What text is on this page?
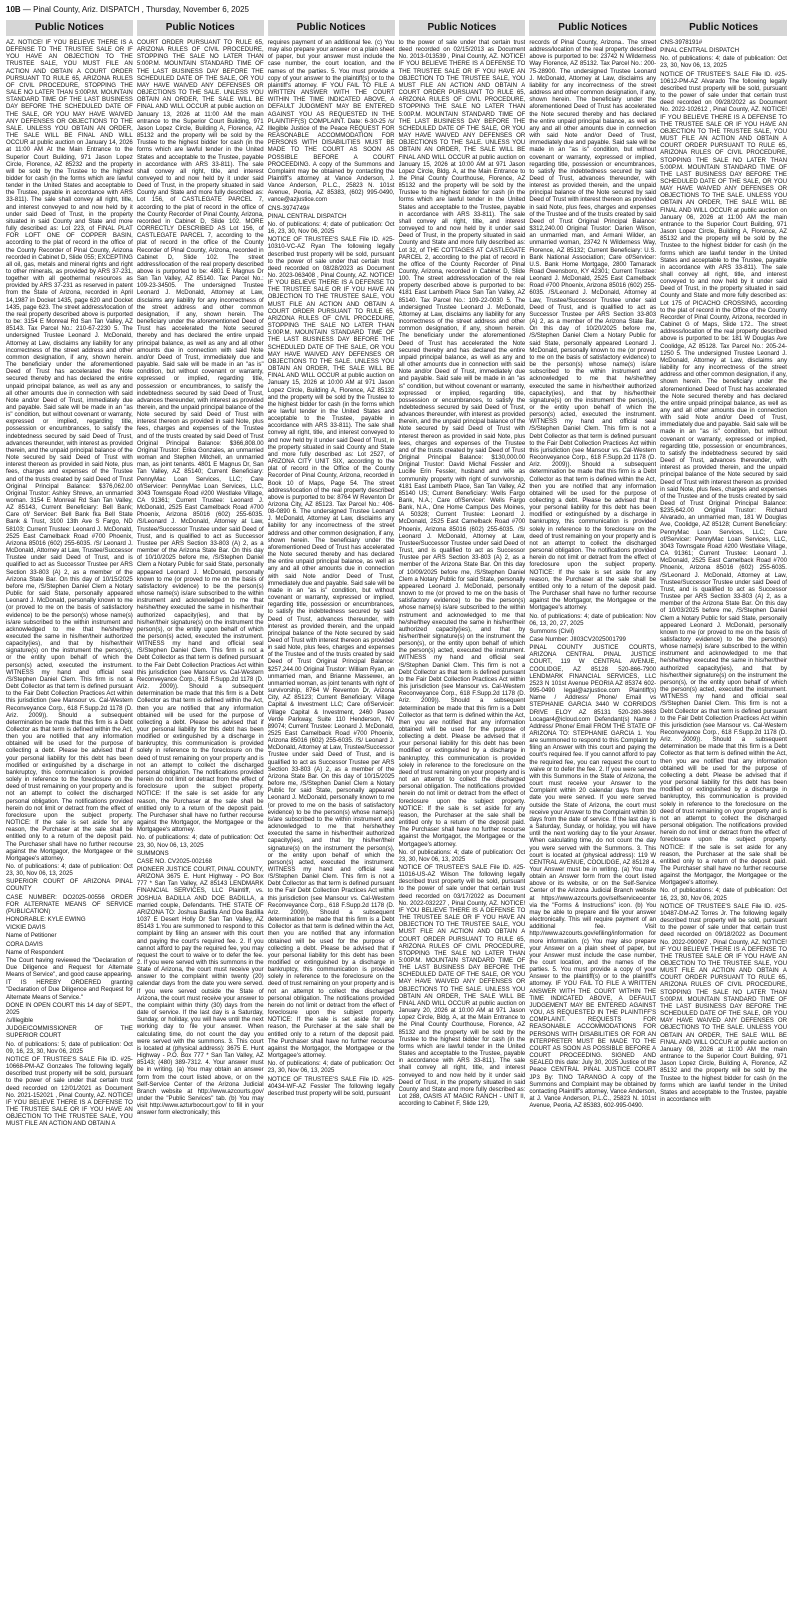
10B — Pinal County, Ariz. DISPATCH , Thursday, November 6, 2025
Public Notices

AZ. NOTICE! IF YOU BELIEVE THERE IS A DEFENSE TO THE TRUSTEE SALE OR IF YOU HAVE AN OBJECTION TO THE TRUSTEE SALE, YOU MUST FILE AN ACTION AND OBTAIN A COURT ORDER PURSUANT TO RULE 65, ARIZONA RULES OF CIVIL PROCEDURE, STOPPING THE SALE NO LATER THAN 5:00P.M. MOUNTAIN STANDARD TIME OF THE LAST BUSINESS DAY BEFORE THE SCHEDULED DATE OF THE SALE, OR YOU MAY HAVE WAIVED ANY DEFENSES OR OBJECTIONS TO THE SALE. UNLESS YOU OBTAIN AN ORDER, THE SALE WILL BE FINAL AND WILL OCCUR at public auction on January 14, 2026 at 11:00 AM At the Main Entrance to the Superior Court Building, 971 Jason Lopez Circle, Florence, AZ 85232 and the property will be sold by the Trustee to the highest bidder for cash (in the forms which are lawful tender in the United States and acceptable to the Trustee, payable in accordance with ARS 33-811). The sale shall convey all right, title, and interest conveyed to and now held by it under said Deed of Trust, in the property situated in said County and State and more fully described as: Lot 223, of FINAL PLAT FOR LOFT ONE OF COPPER BASIN, according to the plat of record in the office of the County Recorder of Pinal County, Arizona recorded in Cabinet D, Slide 055; EXCEPTING all oil, gas, metals and mineral rights and right to other minerals, as provided by ARS 37-231, together with all geothermal resources as provided by ARS 37-231 as reserved in patent from the State of Arizona, recorded in April 14,1987 in Docket 1435, page 620 and Docket 1435, page 623. The street address/location of the real property described above is purported to be: 3154 E Monreal Rd San Tan Valley, AZ 85143. Tax Parcel No.: 210-67-2230 5. The undersigned Trustee Leonard J. McDonald, Attorney at Law, disclaims any liability for any incorrectness of the street address and other common designation, if any, shown herein. The beneficiary under the aforementioned Deed of Trust has accelerated the Note secured thereby and has declared the entire unpaid principal balance, as well as any and all other amounts due in connection with said Note and/or Deed of Trust, immediately due and payable. Said sale will be made in an "as is" condition, but without covenant or warranty, expressed or implied, regarding title, possession or encumbrances, to satisfy the indebtedness secured by said Deed of Trust, advances thereunder, with interest as provided therein, and the unpaid principal balance of the Note secured by said Deed of Trust with interest thereon as provided in said Note, plus fees, charges and expenses of the Trustee and of the trusts created by said Deed of Trust Original Principal Balance: $376,062.00 Original Trustor: Ashley Shreve, an unmarried woman. 3154 E Monreal Rd San Tan Valley, AZ 85143, Current Beneficiary: Bell Bank; Care of/ Servicer: Bell Bank fka Bell State Bank & Trust, 3100 13th Ave S Fargo, ND 58103; Current Trustee: Leonard J. McDonald, 2525 East Camelback Road #700 Phoenix, Arizona 85016 (602) 255-6035. /S/ Leonard J. McDonald, Attorney at Law, Trustee/Successor Trustee under said Deed of Trust, and is qualified to act as Successor Trustee per ARS Section 33-803 (A) 2, as a member of the Arizona State Bar. On this day of 10/15/2025 before me, /S/Stephen Daniel Clem a Notary Public for said State, personally appeared Leonard J. McDonald, personally known to me (or proved to me on the basis of satisfactory evidence) to be the person(s) whose name(s) is/are subscribed to the within instrument and acknowledged to me that he/she/they executed the same in his/her/their authorized capacity(ies), and that by his/her/their signature(s) on the instrument the person(s), or the entity upon behalf of which the person(s) acted, executed the instrument. WITNESS my hand and official seal /S/Stephen Daniel Clem. This firm is not a Debt Collector as that term is defined pursuant to the Fair Debt Collection Practices Act within this jurisdiction (see Mansour vs. Cal-Western Reconveyance Corp., 618 F.Supp.2d 1178 (D. Ariz. 2009)). Should a subsequent determination be made that this firm is a Debt Collector as that term is defined within the Act, then you are notified that any information obtained will be used for the purpose of collecting a debt. Please be advised that if your personal liability for this debt has been modified or extinguished by a discharge in bankruptcy, this communication is provided solely in reference to the foreclosure on the deed of trust remaining on your property and is not an attempt to collect the discharged personal obligation. The notifications provided herein do not limit or detract from the effect of foreclosure upon the subject property. NOTICE: If the sale is set aside for any reason, the Purchaser at the sale shall be entitled only to a return of the deposit paid. The Purchaser shall have no further recourse against the Mortgagor, the Mortgagee or the Mortgagee's attorney.

No. of publications: 4; date of publication: Oct 23, 30, Nov 06, 13, 2025

SUPERIOR COURT OF ARIZONA PINAL COUNTY

CASE NUMBER: DO2025-00556 ORDER FOR ALTERNATE MEANS OF SERVICE (PUBLICATION)

HONORABLE: KYLE EWING

VICKIE DAVIS

Name of Petitioner

CORA DAVIS

Name of Respondent

The Court having reviewed the "Declaration of Due Diligence and Request for Alternate Means of Service", and good cause appearing,

IT IS HEREBY ORDERED granting "Declaration of Due Diligence and Request for Alternate Means of Service."

DONE IN OPEN COURT this 14 day of SEPT., 2025

/s/Illegible

JUDGE/COMMISSIONER OF THE SUPERIOR COURT

No. of publications: 5; date of publication: Oct 09, 16, 23, 30, Nov 06, 2025

NOTICE OF TRUSTEE'S SALE File ID. #25-10668-PM-AZ Gonzales The following legally described trust property will be sold, pursuant to the power of sale under that certain trust deed recorded on 12/01/2021 as Document No. 2021-152021 , Pinal County, AZ. NOTICE! IF YOU BELIEVE THERE IS A DEFENSE TO THE TRUSTEE SALE OR IF YOU HAVE AN OBJECTION TO THE TRUSTEE SALE, YOU MUST FILE AN ACTION AND OBTAIN A

Public Notices

COURT ORDER PURSUANT TO RULE 65, ARIZONA RULES OF CIVIL PROCEDURE, STOPPING THE SALE NO LATER THAN 5:00P.M. MOUNTAIN STANDARD TIME OF THE LAST BUSINESS DAY BEFORE THE SCHEDULED DATE OF THE SALE, OR YOU MAY HAVE WAIVED ANY DEFENSES OR OBJECTIONS TO THE SALE. UNLESS YOU OBTAIN AN ORDER, THE SALE WILL BE FINAL AND WILL OCCUR at public auction on January 13, 2026 at 11:00 AM the main entrance to the Superior Court Building, 971 Jason Lopez Circle, Building A, Florence, AZ 85132 and the property will be sold by the Trustee to the highest bidder for cash (in the forms which are lawful tender in the United States and acceptable to the Trustee, payable in accordance with ARS 33-811). The sale shall convey all right, title, and interest conveyed to and now held by it under said Deed of Trust, in the property situated in said County and State and more fully described as: Lot 156, of CASTLEGATE PARCEL 7, according to the plat of record in the office of the County Recorder of Pinal County, Arizona, recorded in Cabinet D, Slide 102. MORE CORRECTLY DESCRIBED AS Lot 156, of CASTLEGATE PARCEL 7, according to the plat of record in the office of the County Recorder of Pinal County, Arizona, recorded in Cabinet D, Slide 102. The street address/location of the real property described above is purported to be: 4801 E Magnus Dr San Tan Valley, AZ 85140. Tax Parcel No.: 109-23-34505. The undersigned Trustee Leonard J. McDonald, Attorney at Law, disclaims any liability for any incorrectness of the street address and other common designation, if any, shown herein. The beneficiary under the aforementioned Deed of Trust has accelerated the Note secured thereby and has declared the entire unpaid principal balance, as well as any and all other amounts due in connection with said Note and/or Deed of Trust, immediately due and payable. Said sale will be made in an "as is" condition, but without covenant or warranty, expressed or implied, regarding title, possession or encumbrances, to satisfy the indebtedness secured by said Deed of Trust, advances thereunder, with interest as provided therein, and the unpaid principal balance of the Note secured by said Deed of Trust with interest thereon as provided in said Note, plus fees, charges and expenses of the Trustee and of the trusts created by said Deed of Trust Original Principal Balance: $366,808.00 Original Trustor: Erika Gonzales, an unmarried woman and Stephen Mitchell, an unmarried man, as joint tenants. 4801 E Magnus Dr, San Tan Valley, AZ 85140; Current Beneficiary: PennyMac Loan Services, LLC; Care of/Servicer: PennyMac Loan Services, LLC, 3043 Townsgate Road #200 Westlake Village, CA 91361; Current Trustee: Leonard J. McDonald, 2525 East Camelback Road #700 Phoenix, Arizona 85016 (602) 255-6035. /S/Leonard J. McDonald, Attorney at Law, Trustee/Successor Trustee under said Deed of Trust, and is qualified to act as Successor Trustee per ARS Section 33-803 (A) 2, as a member of the Arizona State Bar. On this day of 10/10/2025 before me, /S/Stephen Daniel Clem a Notary Public for said State, personally appeared Leonard J. McDonald, personally known to me (or proved to me on the basis of satisfactory evidence) to be the person(s) whose name(s) is/are subscribed to the within instrument and acknowledged to me that he/she/they executed the same in his/her/their authorized capacity(ies), and that by his/her/their signature(s) on the instrument the person(s), or the entity upon behalf of which the person(s) acted, executed the instrument. WITNESS my hand and official seal /S/Stephen Daniel Clem. This firm is not a Debt Collector as that term is defined pursuant to the Fair Debt Collection Practices Act within this jurisdiction (see Mansour vs. Cal-Western Reconveyance Corp., 618 F.Supp.2d 1178 (D. Ariz. 2009)). Should a subsequent determination be made that this firm is a Debt Collector as that term is defined within the Act, then you are notified that any information obtained will be used for the purpose of collecting a debt. Please be advised that if your personal liability for this debt has been modified or extinguished by a discharge in bankruptcy, this communication is provided solely in reference to the foreclosure on the deed of trust remaining on your property and is not an attempt to collect the discharged personal obligation. The notifications provided herein do not limit or detract from the effect of foreclosure upon the subject property. NOTICE: If the sale is set aside for any reason, the Purchaser at the sale shall be entitled only to a return of the deposit paid. The Purchaser shall have no further recourse against the Mortgagor, the Mortgagee or the Mortgagee's attorney.

No. of publications: 4; date of publication: Oct 23, 30, Nov 06, 13, 2025

SUMMONS

CASE NO. CV2025-002168

PIONEER JUSTICE COURT, PINAL COUNTY, ARIZONA 3675 E. Hunt Highway - PO Box 777 * San Tan Valley, AZ 85143 LENDMARK FINANCIAL SERVICES, LLC Plaintiff, vs. JOSHUA BADILLA AND DOE BADILLA, a married couple, Defendants. THE STATE OF ARIZONA TO: Joshua Badilla And Doe Badilla 1037 E Desert Holly Dr San Tan Valley, AZ 85143 1.You are summoned to respond to this complaint by filing an answer with this court and paying the court's required fee. 2. If you cannot afford to pay the required fee, you may request the court to waive or to defer the fee. 2. If you were served with this summons in the State of Arizona, the court must receive your answer to the complaint within twenty (20) calendar days from the date you were served. If you were served outside the State of Arizona, the court must receive your answer to the complaint within thirty (30) days from the date of service. If the last day is a Saturday, Sunday, or holiday, you will have until the next working day to file your answer. When calculating time, do not count the day you were served with the summons. 3. This court is located at (physical address): 3675 E. Hunt Highway - P.O. Box 777 * San Tan Valley, AZ 85143; (480) 389-7312. 4. Your answer must be in writing. (a) You may obtain an answer form from the court listed above, or on the Self-Service Center of the Arizona Judicial Branch website at http://www.azcourts.gov/ under the "Public Services" tab. (b) You may visit http://www.azturbocourt.gov/ to fill in your answer form electronically; this

Public Notices

requires payment of an additional fee. (c) You may also prepare your answer on a plain sheet of paper, but your answer must include the case number, the court location, and the names of the parties. 5. You must provide a copy of your answer to the plaintiff(s) or to the plaintiff's attorney. IF YOU FAIL TO FILE A WRITTEN ANSWER WITH THE COURT WITHIN THE TIME INDICATED ABOVE, A DEFAULT JUDGMENT MAY BE ENTERED AGAINST YOU AS REQUESTED IN THE PLAINTIFF(S) COMPLAINT. Date: 6-30-25 /s/ Illegible Justice of the Peace REQUEST FOR REASONABLE ACCOMMODATION FOR PERSONS WITH DISABILITIES MUST BE MADE TO THE COURT AS SOON AS POSSIBLE BEFORE A COURT PROCEEDING. A copy of the Summons and Complaint may be obtained by contacting the Plaintiff's attorney at Vance Anderson, J. Vance Anderson, P.L.C., 25823 N. 101st Avenue, Peoria, AZ 85383, (602) 995-0490, vance@azjustice.com

CNS-3974749#

PINAL CENTRAL DISPATCH

No. of publications: 4; date of publication: Oct 16, 23, 30, Nov 06, 2025

NOTICE OF TRUSTEE'S SALE File ID. #25-10310-VC-AZ Ryan The following legally described trust property will be sold, pursuant to the power of sale under that certain trust deed recorded on 08/28/2023 as Document No. 2023-063408 , Pinal County, AZ. NOTICE! IF YOU BELIEVE THERE IS A DEFENSE TO THE TRUSTEE SALE OR IF YOU HAVE AN OBJECTION TO THE TRUSTEE SALE, YOU MUST FILE AN ACTION AND OBTAIN A COURT ORDER PURSUANT TO RULE 65, ARIZONA RULES OF CIVIL PROCEDURE, STOPPING THE SALE NO LATER THAN 5:00P.M. MOUNTAIN STANDARD TIME OF THE LAST BUSINESS DAY BEFORE THE SCHEDULED DATE OF THE SALE, OR YOU MAY HAVE WAIVED ANY DEFENSES OR OBJECTIONS TO THE SALE. UNLESS YOU OBTAIN AN ORDER, THE SALE WILL BE FINAL AND WILL OCCUR at public auction on January 15, 2026 at 10:00 AM at 971 Jason Lopez Circle, Building A, Florence, AZ 85132 and the property will be sold by the Trustee to the highest bidder for cash (in the forms which are lawful tender in the United States and acceptable to the Trustee, payable in accordance with ARS 33-811). The sale shall convey all right, title, and interest conveyed to and now held by it under said Deed of Trust, in the property situated in said County and State and more fully described as: Lot 2527, of ARIZONA CITY UNIT SIX, according to the plat of record in the Office of the County Recorder of Pinal County, Arizona, recorded in Book 10 of Maps, Page 54. The street address/location of the real property described above is purported to be: 8764 W Reventon Dr Arizona City, AZ 85123. Tax Parcel No.: 406-08-0890 6. The undersigned Trustee Leonard J. McDonald, Attorney at Law, disclaims any liability for any incorrectness of the street address and other common designation, if any, shown herein. The beneficiary under the aforementioned Deed of Trust has accelerated the Note secured thereby and has declared the entire unpaid principal balance, as well as any and all other amounts due in connection with said Note and/or Deed of Trust, immediately due and payable. Said sale will be made in an "as is" condition, but without covenant or warranty, expressed or implied, regarding title, possession or encumbrances, to satisfy the indebtedness secured by said Deed of Trust, advances thereunder, with interest as provided therein, and the unpaid principal balance of the Note secured by said Deed of Trust with interest thereon as provided in said Note, plus fees, charges and expenses of the Trustee and of the trusts created by said Deed of Trust Original Principal Balance: $257,244.00 Original Trustor: William Ryan, an unmarried man, and Brianne Masseweı, an unmarried woman, as joint tenants with right of survivorship, 8764 W Reventon Dr, Arizona City, AZ 85123; Current Beneficiary: Village Capital & Investment LLC; Care of/Servicer: Village Capital & Investment, 2460 Paseo Verde Parkway, Suite 110 Henderson, NV 89074; Current Trustee: Leonard J. McDonald, 2525 East Camelback Road #700 Phoenix, Arizona 85016 (602) 255-6035. /S/ Leonard J. McDonald, Attorney at Law, Trustee/Successor Trustee under said Deed of Trust, and is qualified to act as Successor Trustee per ARS Section 33-803 (A) 2, as a member of the Arizona State Bar. On this day of 10/15/2025 before me, /S/Stephen Daniel Clem a Notary Public for said State, personally appeared Leonard J. McDonald, personally known to me (or proved to me on the basis of satisfactory evidence) to be the person(s) whose name(s) is/are subscribed to the within instrument and acknowledged to me that he/she/they executed the same in his/her/their authorized capacity(ies), and that by his/her/their signature(s) on the instrument the person(s), or the entity upon behalf of which the person(s) acted, executed the instrument. WITNESS my hand and official seal /S/Stephen Daniel Clem. This firm is not a Debt Collector as that term is defined pursuant to the Fair Debt Collection Practices Act within this jurisdiction (see Mansour vs. Cal-Western Reconveyance Corp., 618 F.Supp.2d 1178 (D. Ariz. 2009)). Should a subsequent determination be made that this firm is a Debt Collector as that term is defined within the Act, then you are notified that any information obtained will be used for the purpose of collecting a debt. Please be advised that if your personal liability for this debt has been modified or extinguished by a discharge in bankruptcy, this communication is provided solely in reference to the foreclosure on the deed of trust remaining on your property and is not an attempt to collect the discharged personal obligation. The notifications provided herein do not limit or detract from the effect of foreclosure upon the subject property. NOTICE: If the sale is set aside for any reason, the Purchaser at the sale shall be entitled only to a return of the deposit paid. The Purchaser shall have no further recourse against the Mortgagor, the Mortgagee or the Mortgagee's attorney.

No. of publications: 4; date of publication: Oct 23, 30, Nov 06, 13, 2025

NOTICE OF TRUSTEE'S SALE File ID. #25-40434-WF-AZ Fessler The following legally described trust property will be sold, pursuant

Public Notices

to the power of sale under that certain trust deed recorded on 02/15/2013 as Document No. 2013-013539 , Pinal County, AZ. NOTICE! IF YOU BELIEVE THERE IS A DEFENSE TO THE TRUSTEE SALE OR IF YOU HAVE AN OBJECTION TO THE TRUSTEE SALE, YOU MUST FILE AN ACTION AND OBTAIN A COURT ORDER PURSUANT TO RULE 65, ARIZONA RULES OF CIVIL PROCEDURE, STOPPING THE SALE NO LATER THAN 5:00P.M. MOUNTAIN STANDARD TIME OF THE LAST BUSINESS DAY BEFORE THE SCHEDULED DATE OF THE SALE, OR YOU MAY HAVE WAIVED ANY DEFENSES OR OBJECTIONS TO THE SALE. UNLESS YOU OBTAIN AN ORDER, THE SALE WILL BE FINAL AND WILL OCCUR at public auction on January 15, 2026 at 10:00 AM at 971 Jason Lopez Circle, Bldg. A, at the Main Entrance to the Pinal County Courthouse, Florence, AZ 85132 and the property will be sold by the Trustee to the highest bidder for cash (in the forms which are lawful tender in the United States and acceptable to the Trustee, payable in accordance with ARS 33-811). The sale shall convey all right, title, and interest conveyed to and now held by it under said Deed of Trust, in the property situated in said County and State and more fully described as: Lot 32, of THE COTTAGES AT CASTLEGATE PARCEL 2, according to the plat of record in the office of the County Recorder of Pinal County, Arizona, recorded in Cabinet D, Slide 100. The street address/location of the real property described above is purported to be: 4181 East Lambeth Place San Tan Valley, AZ 85140. Tax Parcel No.: 109-22-0030 5. The undersigned Trustee Leonard J. McDonald, Attorney at Law, disclaims any liability for any incorrectness of the street address and other common designation, if any, shown herein. The beneficiary under the aforementioned Deed of Trust has accelerated the Note secured thereby and has declared the entire unpaid principal balance, as well as any and all other amounts due in connection with said Note and/or Deed of Trust, immediately due and payable. Said sale will be made in an "as is" condition, but without covenant or warranty, expressed or implied, regarding title, possession or encumbrances, to satisfy the indebtedness secured by said Deed of Trust, advances thereunder, with interest as provided therein, and the unpaid principal balance of the Note secured by said Deed of Trust with interest thereon as provided in said Note, plus fees, charges and expenses of the Trustee and of the trusts created by said Deed of Trust Original Principal Balance: $130,000.00 Original Trustor: David Michal Fessler and Lucille Erin Fessler, husband and wife as community property with right of survivorship, 4181 East Lambeth Place, San Tan Valley, AZ 85140 US; Current Beneficiary: Wells Fargo Bank, N.A.; Care of/Servicer: Wells Fargo Bank, N.A., One Home Campus Des Moines, IA 50328; Current Trustee: Leonard J. McDonald, 2525 East Camelback Road #700 Phoenix, Arizona 85016 (602) 255-6035. /S/ Leonard J. McDonald, Attorney at Law, Trustee/Successor Trustee under said Deed of Trust, and is qualified to act as Successor Trustee per ARS Section 33-803 (A) 2, as a member of the Arizona State Bar. On this day of 10/09/2025 before me, /S/Stephen Daniel Clem a Notary Public for said State, personally appeared Leonard J. McDonald, personally known to me (or proved to me on the basis of satisfactory evidence) to be the person(s) whose name(s) is/are subscribed to the within instrument and acknowledged to me that he/she/they executed the same in his/her/their authorized capacity(ies), and that by his/her/their signature(s) on the instrument the person(s), or the entity upon behalf of which the person(s) acted, executed the instrument. WITNESS my hand and official seal /S/Stephen Daniel Clem. This firm is not a Debt Collector as that term is defined pursuant to the Fair Debt Collection Practices Act within this jurisdiction (see Mansour vs. Cal-Western Reconveyance Corp., 618 F.Supp.2d 1178 (D. Ariz. 2009)). Should a subsequent determination be made that this firm is a Debt Collector as that term is defined within the Act, then you are notified that any information obtained will be used for the purpose of collecting a debt. Please be advised that if your personal liability for this debt has been modified or extinguished by a discharge in bankruptcy, this communication is provided solely in reference to the foreclosure on the deed of trust remaining on your property and is not an attempt to collect the discharged personal obligation. The notifications provided herein do not limit or detract from the effect of foreclosure upon the subject property. NOTICE: If the sale is set aside for any reason, the Purchaser at the sale shall be entitled only to a return of the deposit paid. The Purchaser shall have no further recourse against the Mortgagor, the Mortgagee or the Mortgagee's attorney.

No. of publications: 4; date of publication: Oct 23, 30, Nov 06, 13, 2025

NOTICE OF TRUSTEE'S SALE File ID. #25-11016-US-AZ Wilson The following legally described trust property will be sold, pursuant to the power of sale under that certain trust deed recorded on 03/17/2022 as Document No. 2022-032227 , Pinal County, AZ. NOTICE! IF YOU BELIEVE THERE IS A DEFENSE TO THE TRUSTEE SALE OR IF YOU HAVE AN OBJECTION TO THE TRUSTEE SALE, YOU MUST FILE AN ACTION AND OBTAIN A COURT ORDER PURSUANT TO RULE 65, ARIZONA RULES OF CIVIL PROCEDURE, STOPPING THE SALE NO LATER THAN 5:00P.M. MOUNTAIN STANDARD TIME OF THE LAST BUSINESS DAY BEFORE THE SCHEDULED DATE OF THE SALE, OR YOU MAY HAVE WAIVED ANY DEFENSES OR OBJECTIONS TO THE SALE. UNLESS YOU OBTAIN AN ORDER, THE SALE WILL BE FINAL AND WILL OCCUR at public auction on January 20, 2026 at 10:00 AM at 971 Jason Lopez Circle, Bldg. A, at the Main Entrance to the Pinal County Courthouse, Florence, AZ 85132 and the property will be sold by the Trustee to the highest bidder for cash (in the forms which are lawful tender in the United States and acceptable to the Trustee, payable in accordance with ARS 33-811). The sale shall convey all right, title, and interest conveyed to and now held by it under said Deed of Trust, in the property situated in said County and State and more fully described as: Lot 288, OASIS AT MAGIC RANCH - UNIT II, according to Cabinet F, Slide 129,

Public Notices

records of Pinal County, Arizona.. The street address/location of the real property described above is purported to be: 23742 N Wilderness Way Florence, AZ 85132. Tax Parcel No.: 200-75-28900. The undersigned Trustee Leonard J. McDonald, Attorney at Law, disclaims any liability for any incorrectness of the street address and other common designation, if any, shown herein. The beneficiary under the aforementioned Deed of Trust has accelerated the Note secured thereby and has declared the entire unpaid principal balance, as well as any and all other amounts due in connection with said Note and/or Deed of Trust, immediately due and payable. Said sale will be made in an "as is" condition, but without covenant or warranty, expressed or implied, regarding title, possession or encumbrances, to satisfy the indebtedness secured by said Deed of Trust, advances thereunder, with interest as provided therein, and the unpaid principal balance of the Note secured by said Deed of Trust with interest thereon as provided in said Note, plus fees, charges and expenses of the Trustee and of the trusts created by said Deed of Trust Original Principal Balance: $312,240.00 Original Trustor: Darien Wilson, an unmarried man, and Armani Wilder, an unmarried woman, 23742 N Wilderness Way, Florence, AZ 85132; Current Beneficiary: U.S. Bank National Association; Care of/Servicer: U.S. Bank Home Mortgage, 2800 Tamarack Road Owensboro, KY 42301; Current Trustee: Leonard J. McDonald, 2525 East Camelback Road #700 Phoenix, Arizona 85016 (602) 255-6035. /S/Leonard J. McDonald, Attorney at Law, Trustee/Successor Trustee under said Deed of Trust, and is qualified to act as Successor Trustee per ARS Section 33-803 (A) 2, as a member of the Arizona State Bar. On this day of 10/20/2025 before me, /S/Stephen Daniel Clem a Notary Public for said State, personally appeared Leonard J. McDonald, personally known to me (or proved to me on the basis of satisfactory evidence) to be the person(s) whose name(s) is/are subscribed to the within instrument and acknowledged to me that he/she/they executed the same in his/her/their authorized capacity(ies), and that by his/her/their signature(s) on the instrument the person(s), or the entity upon behalf of which the person(s) acted, executed the instrument. WITNESS my hand and official seal /S/Stephen Daniel Clem. This firm is not a Debt Collector as that term is defined pursuant to the Fair Debt Collection Practices Act within this jurisdiction (see Mansour vs. Cal-Western Reconveyance Corp., 618 F.Supp.2d 1178 (D. Ariz. 2009)). Should a subsequent determination be made that this firm is a Debt Collector as that term is defined within the Act, then you are notified that any information obtained will be used for the purpose of collecting a debt. Please be advised that if your personal liability for this debt has been modified or extinguished by a discharge in bankruptcy, this communication is provided solely in reference to the foreclosure on the deed of trust remaining on your property and is not an attempt to collect the discharged personal obligation. The notifications provided herein do not limit or detract from the effect of foreclosure upon the subject property. NOTICE: If the sale is set aside for any reason, the Purchaser at the sale shall be entitled only to a return of the deposit paid. The Purchaser shall have no further recourse against the Mortgagor, the Mortgagee or the Mortgagee's attorney.

No. of publications: 4; date of publication: Nov 06, 13, 20, 27, 2025

Summons (Civil)

Case Number: JII03CV2025001799

PINAL COUNTY JUSTICE COURTS, ARIZONA CENTRAL PINAL JUSTICE COURT, 119 W CENTRAL AVENUE, COOLIDGE, AZ 85128 520-866-7900 LENDMARK FINANCIAL SERVICES, LLC 2523 N 101st Avenue PEORIA AZ 85374 602-995-0490 legal@azjustice.com Plaintiff(s) Name / Address/ Phone/ Email vs STEPHANIE GARCIA 3440 W CORRIDOS DRIVE ELOY AZ 85131 520-280-3663 Locagar4@icloud.com Defendant(s) Name / Address/ Phone/ Email FROM THE STATE OF ARIZONA TO: STEPHANIE GARCIA 1. You are summoned to respond to this Complaint by filing an Answer with this court and paying the court's required fee. If you cannot afford to pay the required fee, you can request the court to waive or to defer the fee. 2. If you were served with this Summons in the State of Arizona, the court must receive your Answer to the Complaint within 20 calendar days from the date you were served. If you were served outside the State of Arizona, the court must receive your Answer to the Complaint within 30 days from the date of service. If the last day is a Saturday, Sunday, or holiday, you will have until the next working day to file your Answer. When calculating time, do not count the day you were served with the Summons. 3. This court is located at (physical address): 119 W CENTRAL AVENUE, COOLIDGE, AZ 85128 4. Your Answer must be in writing. (a) You may obtain an Answer form from the court listed above or its website, or on the Self-Service Center of the Arizona Judicial Branch website at https://www.azcourts.gov/selfservicecenter via the "Forms & Instructions" icon. (b) You may be able to prepare and file your answer electronically. This will require payment of an additional fee. Visit http://www.azcourts.gov/efiling/information for more information. (c) You may also prepare your Answer on a plain sheet of paper, but your Answer must include the case number, the court location, and the names of the parties. 5. You must provide a copy of your Answer to the plaintiff(s) or to the plaintiff's attorney. IF YOU FAIL TO FILE A WRITTEN ANSWER WITH THE COURT WITHIN THE TIME INDICATED ABOVE, A DEFAULT JUDGEMENT MAY BE ENTERED AGAINST YOU, AS REQUESTED IN THE PLAINTIFF'S COMPLAINT. REQUESTS FOR REASONABLE ACCOMMODATIONS FOR PERSONS WITH DISABILITIES OR FOR AN INTERPRETER MUST BE MADE TO THE COURT AS SOON AS POSSIBLE BEFORE A COURT PROCEEDING. SIGNED AND SEALED this date: July 30, 2025 Justice of the Peace CENTRAL PINAL JUSTICE COURT JP3 By: TINO TARANGO A copy of the Summons and Complaint may be obtained by contacting Plaintiff's attorney, Vance Anderson, at J. Vance Anderson, P.L.C., 25823 N. 101st Avenue, Peoria, AZ 85383, 602-995-0490.

Public Notices

CNS-3978191#

PINAL CENTRAL DISPATCH

No. of publications: 4; date of publication: Oct 23, 30, Nov 06, 13, 2025

NOTICE OF TRUSTEE'S SALE File ID. #25-10612-PM-AZ Alvarado The following legally described trust property will be sold, pursuant to the power of sale under that certain trust deed recorded on 09/28/2022 as Document No. 2022-102612 , Pinal County, AZ. NOTICE! IF YOU BELIEVE THERE IS A DEFENSE TO THE TRUSTEE SALE OR IF YOU HAVE AN OBJECTION TO THE TRUSTEE SALE, YOU MUST FILE AN ACTION AND OBTAIN A COURT ORDER PURSUANT TO RULE 65, ARIZONA RULES OF CIVIL PROCEDURE, STOPPING THE SALE NO LATER THAN 5:00P.M. MOUNTAIN STANDARD TIME OF THE LAST BUSINESS DAY BEFORE THE SCHEDULED DATE OF THE SALE, OR YOU MAY HAVE WAIVED ANY DEFENSES OR OBJECTIONS TO THE SALE. UNLESS YOU OBTAIN AN ORDER, THE SALE WILL BE FINAL AND WILL OCCUR at public auction on January 06, 2026 at 11:00 AM the main entrance to the Superior Court Building, 971 Jason Lopez Circle, Building A, Florence, AZ 85132 and the property will be sold by the Trustee to the highest bidder for cash (in the forms which are lawful tender in the United States and acceptable to the Trustee, payable in accordance with ARS 33-811). The sale shall convey all right, title, and interest conveyed to and now held by it under said Deed of Trust, in the property situated in said County and State and more fully described as: Lot 175 of PICACHO CROSSING, according to the plat of record in the Office of the County Recorder of Pinal County, Arizona, recorded in Cabinet G of Maps, Slide 172.. The street address/location of the real property described above is purported to be: 181 W Douglas Ave Coolidge, AZ 85128. Tax Parcel No.: 205-24-1250 5. The undersigned Trustee Leonard J. McDonald, Attorney at Law, disclaims any liability for any incorrectness of the street address and other common designation, if any, shown herein. The beneficiary under the aforementioned Deed of Trust has accelerated the Note secured thereby and has declared the entire unpaid principal balance, as well as any and all other amounts due in connection with said Note and/or Deed of Trust, immediately due and payable. Said sale will be made in an "as is" condition, but without covenant or warranty, expressed or implied, regarding title, possession or encumbrances, to satisfy the indebtedness secured by said Deed of Trust, advances thereunder, with interest as provided therein, and the unpaid principal balance of the Note secured by said Deed of Trust with interest thereon as provided in said Note, plus fees, charges and expenses of the Trustee and of the trusts created by said Deed of Trust Original Principal Balance: $235,642.00 Original Trustor: Richard Alvarado, an unmarried man, 181 W Douglas Ave, Coolidge, AZ 85128; Current Beneficiary: PennyMac Loan Services, LLC; Care of/Servicer: PennyMac Loan Services, LLC, 3043 Townsgate Road #200 Westlake Village, CA 91361; Current Trustee: Leonard J. McDonald, 2525 East Camelback Road #700 Phoenix, Arizona 85016 (602) 255-6035. /S/Leonard J. McDonald, Attorney at Law, Trustee/Successor Trustee under said Deed of Trust, and is qualified to act as Successor Trustee per ARS Section 33-803 (A) 2, as a member of the Arizona State Bar. On this day of 10/03/2025 before me, /S/Stephen Daniel Clem a Notary Public for said State, personally appeared Leonard J. McDonald, personally known to me (or proved to me on the basis of satisfactory evidence) to be the person(s) whose name(s) is/are subscribed to the within instrument and acknowledged to me that he/she/they executed the same in his/her/their authorized capacity(ies), and that by his/her/their signature(s) on the instrument the person(s), or the entity upon behalf of which the person(s) acted, executed the instrument. WITNESS my hand and official seal /S/Stephen Daniel Clem. This firm is not a Debt Collector as that term is defined pursuant to the Fair Debt Collection Practices Act within this jurisdiction (see Mansour vs. Cal-Western Reconveyance Corp., 618 F.Supp.2d 1178 (D. Ariz. 2009)). Should a subsequent determination be made that this firm is a Debt Collector as that term is defined within the Act, then you are notified that any information obtained will be used for the purpose of collecting a debt. Please be advised that if your personal liability for this debt has been modified or extinguished by a discharge in bankruptcy, this communication is provided solely in reference to the foreclosure on the deed of trust remaining on your property and is not an attempt to collect the discharged personal obligation. The notifications provided herein do not limit or detract from the effect of foreclosure upon the subject property. NOTICE: If the sale is set aside for any reason, the Purchaser at the sale shall be entitled only to a return of the deposit paid. The Purchaser shall have no further recourse against the Mortgagor, the Mortgagee or the Mortgagee's attorney.

No. of publications: 4; date of publication: Oct 16, 23, 30, Nov 06, 2025

NOTICE OF TRUSTEE'S SALE File ID. #25-10487-DM-AZ Torres Jr. The following legally described trust property will be sold, pursuant to the power of sale under that certain trust deed recorded on 09/18/2022 as Document No. 2022-090087 , Pinal County, AZ. NOTICE! IF YOU BELIEVE THERE IS A DEFENSE TO THE TRUSTEE SALE OR IF YOU HAVE AN OBJECTION TO THE TRUSTEE SALE, YOU MUST FILE AN ACTION AND OBTAIN A COURT ORDER PURSUANT TO RULE 65, ARIZONA RULES OF CIVIL PROCEDURE, STOPPING THE SALE NO LATER THAN 5:00P.M. MOUNTAIN STANDARD TIME OF THE LAST BUSINESS DAY BEFORE THE SCHEDULED DATE OF THE SALE, OR YOU MAY HAVE WAIVED ANY DEFENSES OR OBJECTIONS TO THE SALE. UNLESS YOU OBTAIN AN ORDER, THE SALE WILL BE FINAL AND WILL OCCUR at public auction on January 08, 2026 at 11:00 AM the main entrance to the Superior Court Building, 971 Jason Lopez Circle, Building A, Florence, AZ 85132 and the property will be sold by the Trustee to the highest bidder for cash (in the forms which are lawful tender in the United States and acceptable to the Trustee, payable in accordance with
